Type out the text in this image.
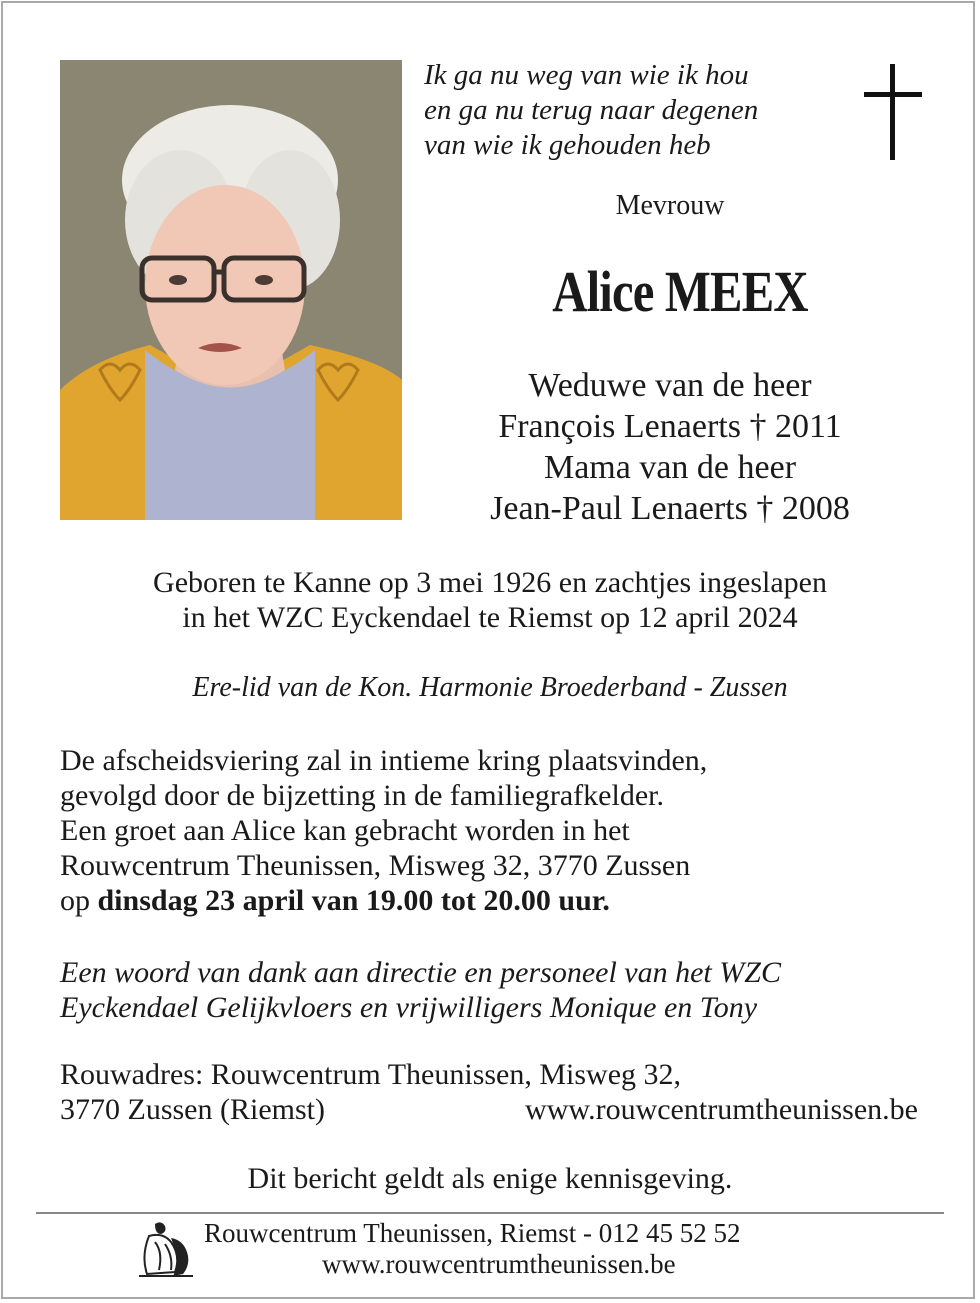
Ik ga nu weg van wie ik hou
en ga nu terug naar degenen
van wie ik gehouden heb
Mevrouw
Alice MEEX
Weduwe van de heer
François Lenaerts † 2011
Mama van de heer
Jean-Paul Lenaerts † 2008
Geboren te Kanne op 3 mei 1926 en zachtjes ingeslapen
in het WZC Eyckendael te Riemst op 12 april 2024
Ere-lid van de Kon. Harmonie Broederband - Zussen
De afscheidsviering zal in intieme kring plaatsvinden,
gevolgd door de bijzetting in de familiegrafkelder.
Een groet aan Alice kan gebracht worden in het
Rouwcentrum Theunissen, Misweg 32, 3770 Zussen
op dinsdag 23 april van 19.00 tot 20.00 uur.
Een woord van dank aan directie en personeel van het WZC
Eyckendael Gelijkvloers en vrijwilligers Monique en Tony
Rouwadres: Rouwcentrum Theunissen, Misweg 32,
3770 Zussen (Riemst)	www.rouwcentrumtheunissen.be
Dit bericht geldt als enige kennisgeving.
Rouwcentrum Theunissen, Riemst - 012 45 52 52
www.rouwcentrumtheunissen.be
